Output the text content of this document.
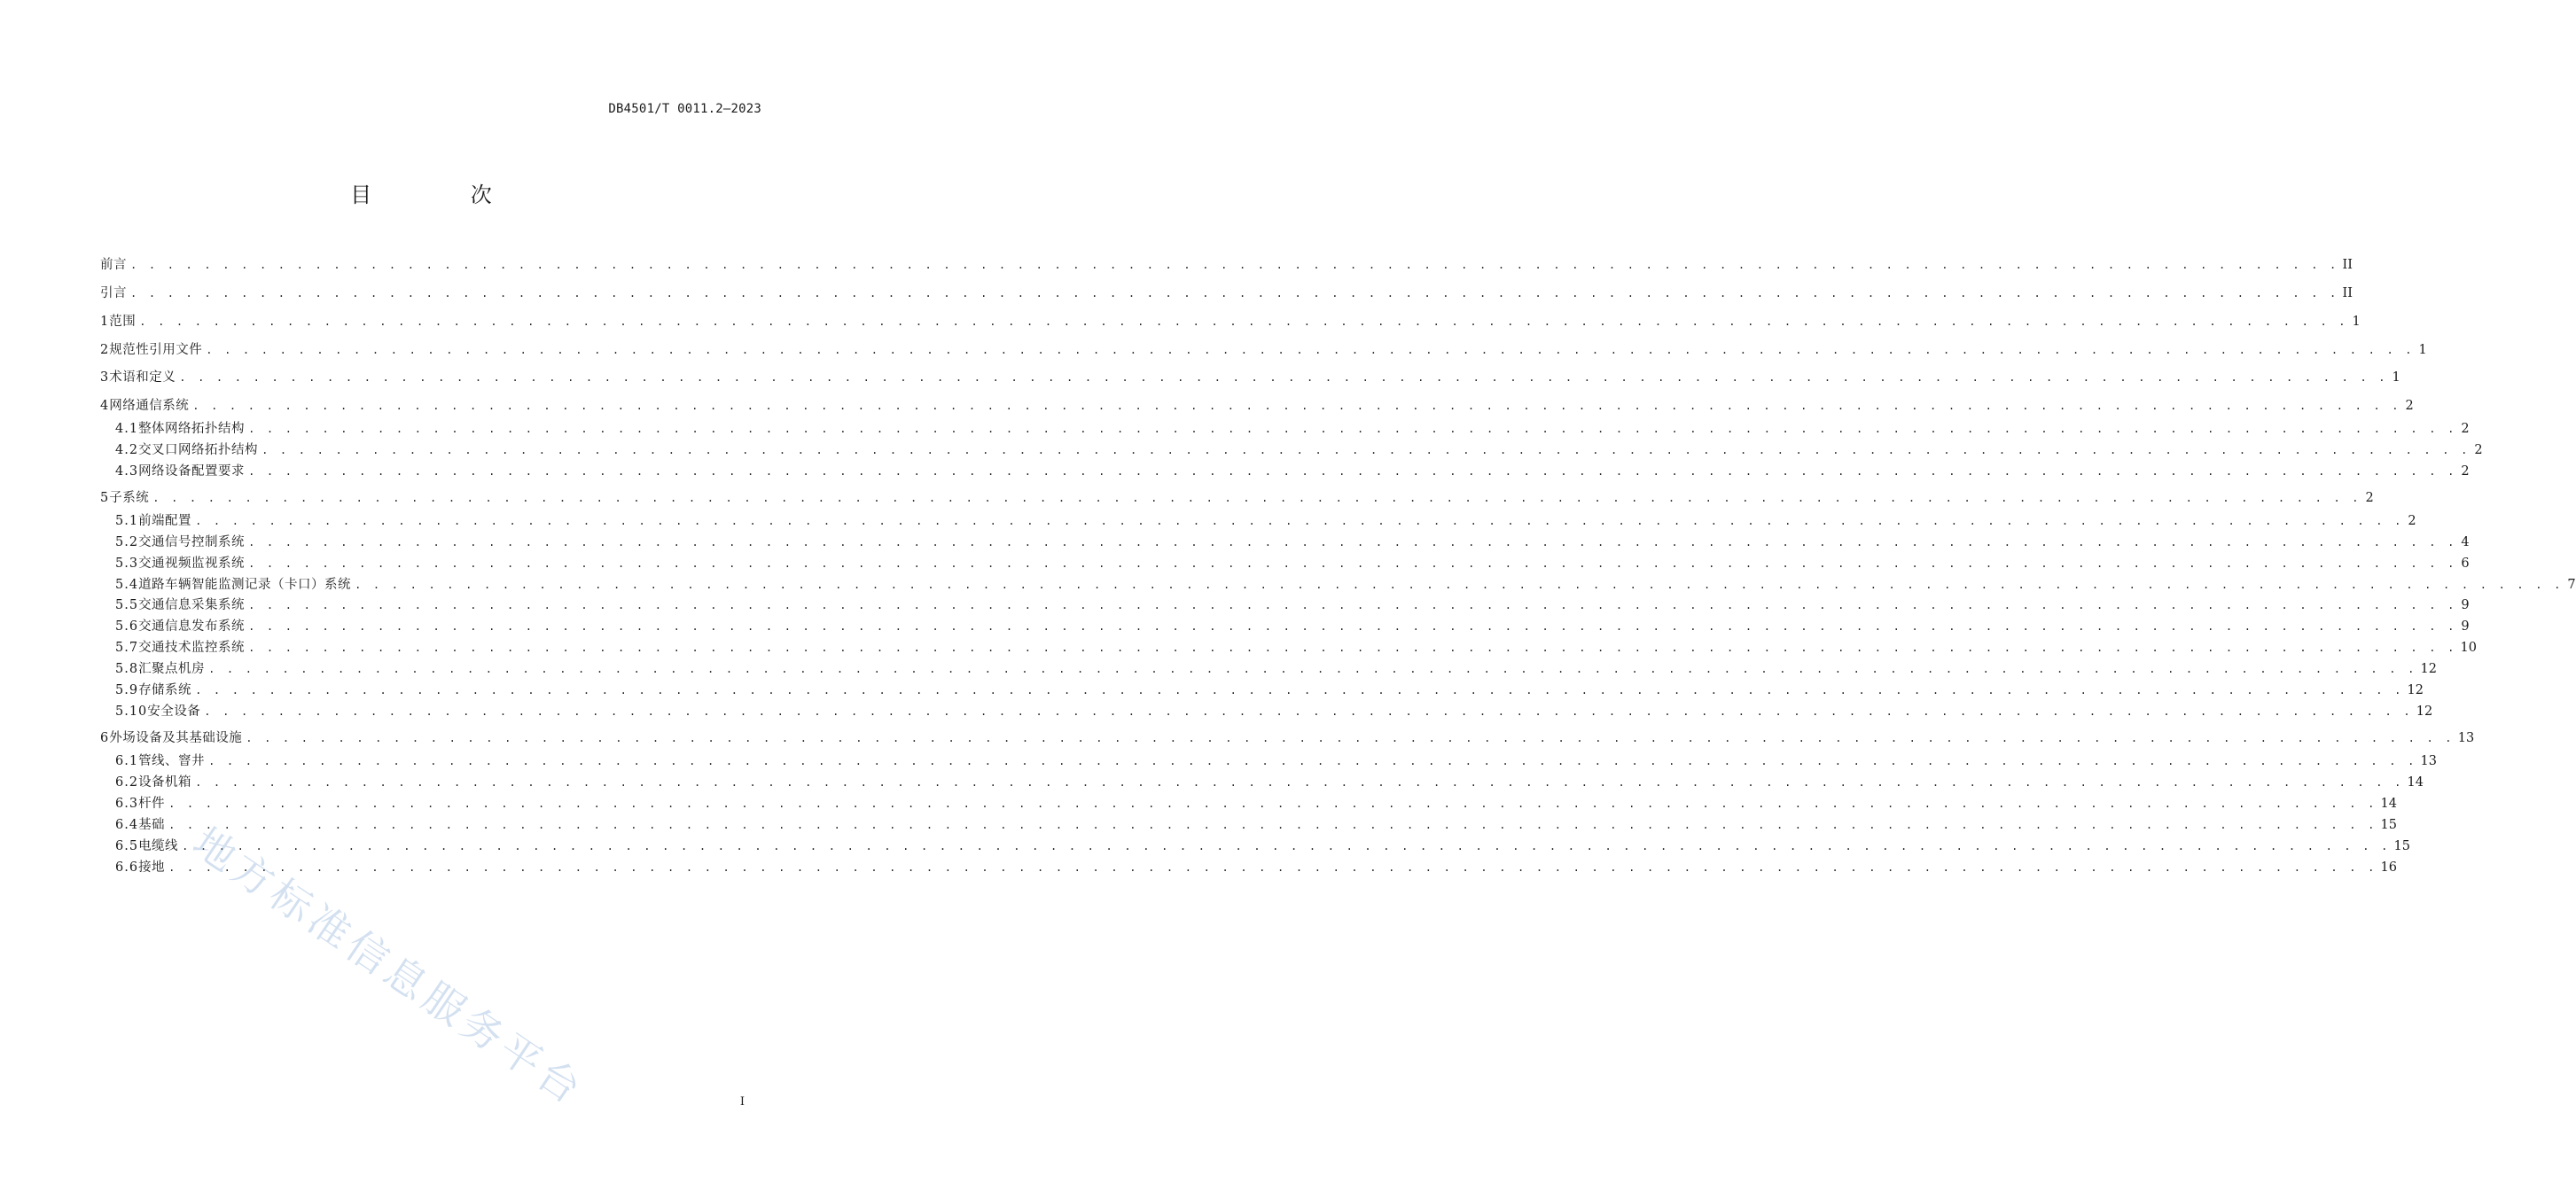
DB4501/T 0011.2—2023
目 次
前言 . . . . . . . . . . . . . . . . . . . . . . . . . . . . . . . . . . . . . . . . . . . . . . . . . . . . . . . . . . . . . . . . . . . . . . . . . . . . . . . . . . . . . . . . . . . . . . . . . . . . . . . . . . . . . . . . . . . . . . . . II
引言 . . . . . . . . . . . . . . . . . . . . . . . . . . . . . . . . . . . . . . . . . . . . . . . . . . . . . . . . . . . . . . . . . . . . . . . . . . . . . . . . . . . . . . . . . . . . . . . . . . . . . . . . . . . . . . . . . . . . . . . . II
1 范围 . . . . . . . . . . . . . . . . . . . . . . . . . . . . . . . . . . . . . . . . . . . . . . . . . . . . . . . . . . . . . . . . . . . . . . . . . . . . . . . . . . . . . . . . . . . . . . . . . . . . . . . . . . . . . . . . . . . . . . . . 1
2 规范性引用文件 . . . . . . . . . . . . . . . . . . . . . . . . . . . . . . . . . . . . . . . . . . . . . . . . . . . . . . . . . . . . . . . . . . . . . . . . . . . . . . . . . . . . . . . . . . . . . . . . . . . . . . . . . . . . . . . . . . . . . . . . 1
3 术语和定义 . . . . . . . . . . . . . . . . . . . . . . . . . . . . . . . . . . . . . . . . . . . . . . . . . . . . . . . . . . . . . . . . . . . . . . . . . . . . . . . . . . . . . . . . . . . . . . . . . . . . . . . . . . . . . . . . . . . . . . . . 1
4 网络通信系统 . . . . . . . . . . . . . . . . . . . . . . . . . . . . . . . . . . . . . . . . . . . . . . . . . . . . . . . . . . . . . . . . . . . . . . . . . . . . . . . . . . . . . . . . . . . . . . . . . . . . . . . . . . . . . . . . . . . . . . . . 2
4.1 整体网络拓扑结构 . . . . . . . . . . . . . . . . . . . . . . . . . . . . . . . . . . . . . . . . . . . . . . . . . . . . . . . . . . . . . . . . . . . . . . . . . . . . . . . . . . . . . . . . . . . . . . . . . . . . . . . . . . . . . . . . . . . . . . . . 2
4.2 交叉口网络拓扑结构 . . . . . . . . . . . . . . . . . . . . . . . . . . . . . . . . . . . . . . . . . . . . . . . . . . . . . . . . . . . . . . . . . . . . . . . . . . . . . . . . . . . . . . . . . . . . . . . . . . . . . . . . . . . . . . . . . . . . . . . . 2
4.3 网络设备配置要求 . . . . . . . . . . . . . . . . . . . . . . . . . . . . . . . . . . . . . . . . . . . . . . . . . . . . . . . . . . . . . . . . . . . . . . . . . . . . . . . . . . . . . . . . . . . . . . . . . . . . . . . . . . . . . . . . . . . . . . . . 2
5 子系统 . . . . . . . . . . . . . . . . . . . . . . . . . . . . . . . . . . . . . . . . . . . . . . . . . . . . . . . . . . . . . . . . . . . . . . . . . . . . . . . . . . . . . . . . . . . . . . . . . . . . . . . . . . . . . . . . . . . . . . . . 2
5.1 前端配置 . . . . . . . . . . . . . . . . . . . . . . . . . . . . . . . . . . . . . . . . . . . . . . . . . . . . . . . . . . . . . . . . . . . . . . . . . . . . . . . . . . . . . . . . . . . . . . . . . . . . . . . . . . . . . . . . . . . . . . . . 2
5.2 交通信号控制系统 . . . . . . . . . . . . . . . . . . . . . . . . . . . . . . . . . . . . . . . . . . . . . . . . . . . . . . . . . . . . . . . . . . . . . . . . . . . . . . . . . . . . . . . . . . . . . . . . . . . . . . . . . . . . . . . . . . . . . . . . 4
5.3 交通视频监视系统 . . . . . . . . . . . . . . . . . . . . . . . . . . . . . . . . . . . . . . . . . . . . . . . . . . . . . . . . . . . . . . . . . . . . . . . . . . . . . . . . . . . . . . . . . . . . . . . . . . . . . . . . . . . . . . . . . . . . . . . . 6
5.4 道路车辆智能监测记录（卡口）系统 . . . . . . . . . . . . . . . . . . . . . . . . . . . . . . . . . . . . . . . . . . . . . . . . . . . . . . . . . . . . . . . . . . . . . . . . . . . . . . . . . . . . . . . . . . . . . . . . . . . . . . . . . . . . . . . . . . . . . . . . 7
5.5 交通信息采集系统 . . . . . . . . . . . . . . . . . . . . . . . . . . . . . . . . . . . . . . . . . . . . . . . . . . . . . . . . . . . . . . . . . . . . . . . . . . . . . . . . . . . . . . . . . . . . . . . . . . . . . . . . . . . . . . . . . . . . . . . . 9
5.6 交通信息发布系统 . . . . . . . . . . . . . . . . . . . . . . . . . . . . . . . . . . . . . . . . . . . . . . . . . . . . . . . . . . . . . . . . . . . . . . . . . . . . . . . . . . . . . . . . . . . . . . . . . . . . . . . . . . . . . . . . . . . . . . . . 9
5.7 交通技术监控系统 . . . . . . . . . . . . . . . . . . . . . . . . . . . . . . . . . . . . . . . . . . . . . . . . . . . . . . . . . . . . . . . . . . . . . . . . . . . . . . . . . . . . . . . . . . . . . . . . . . . . . . . . . . . . . . . . . . . . . . . . 10
5.8 汇聚点机房 . . . . . . . . . . . . . . . . . . . . . . . . . . . . . . . . . . . . . . . . . . . . . . . . . . . . . . . . . . . . . . . . . . . . . . . . . . . . . . . . . . . . . . . . . . . . . . . . . . . . . . . . . . . . . . . . . . . . . . . . 12
5.9 存储系统 . . . . . . . . . . . . . . . . . . . . . . . . . . . . . . . . . . . . . . . . . . . . . . . . . . . . . . . . . . . . . . . . . . . . . . . . . . . . . . . . . . . . . . . . . . . . . . . . . . . . . . . . . . . . . . . . . . . . . . . . 12
5.10 安全设备 . . . . . . . . . . . . . . . . . . . . . . . . . . . . . . . . . . . . . . . . . . . . . . . . . . . . . . . . . . . . . . . . . . . . . . . . . . . . . . . . . . . . . . . . . . . . . . . . . . . . . . . . . . . . . . . . . . . . . . . . 12
6 外场设备及其基础设施 . . . . . . . . . . . . . . . . . . . . . . . . . . . . . . . . . . . . . . . . . . . . . . . . . . . . . . . . . . . . . . . . . . . . . . . . . . . . . . . . . . . . . . . . . . . . . . . . . . . . . . . . . . . . . . . . . . . . . . . . 13
6.1 管线、窨井 . . . . . . . . . . . . . . . . . . . . . . . . . . . . . . . . . . . . . . . . . . . . . . . . . . . . . . . . . . . . . . . . . . . . . . . . . . . . . . . . . . . . . . . . . . . . . . . . . . . . . . . . . . . . . . . . . . . . . . . . 13
6.2 设备机箱 . . . . . . . . . . . . . . . . . . . . . . . . . . . . . . . . . . . . . . . . . . . . . . . . . . . . . . . . . . . . . . . . . . . . . . . . . . . . . . . . . . . . . . . . . . . . . . . . . . . . . . . . . . . . . . . . . . . . . . . . 14
6.3 杆件 . . . . . . . . . . . . . . . . . . . . . . . . . . . . . . . . . . . . . . . . . . . . . . . . . . . . . . . . . . . . . . . . . . . . . . . . . . . . . . . . . . . . . . . . . . . . . . . . . . . . . . . . . . . . . . . . . . . . . . . . 14
6.4 基础 . . . . . . . . . . . . . . . . . . . . . . . . . . . . . . . . . . . . . . . . . . . . . . . . . . . . . . . . . . . . . . . . . . . . . . . . . . . . . . . . . . . . . . . . . . . . . . . . . . . . . . . . . . . . . . . . . . . . . . . . 15
6.5 电缆线 . . . . . . . . . . . . . . . . . . . . . . . . . . . . . . . . . . . . . . . . . . . . . . . . . . . . . . . . . . . . . . . . . . . . . . . . . . . . . . . . . . . . . . . . . . . . . . . . . . . . . . . . . . . . . . . . . . . . . . . . 15
6.6 接地 . . . . . . . . . . . . . . . . . . . . . . . . . . . . . . . . . . . . . . . . . . . . . . . . . . . . . . . . . . . . . . . . . . . . . . . . . . . . . . . . . . . . . . . . . . . . . . . . . . . . . . . . . . . . . . . . . . . . . . . . 16
I
地方标准信息服务平台
